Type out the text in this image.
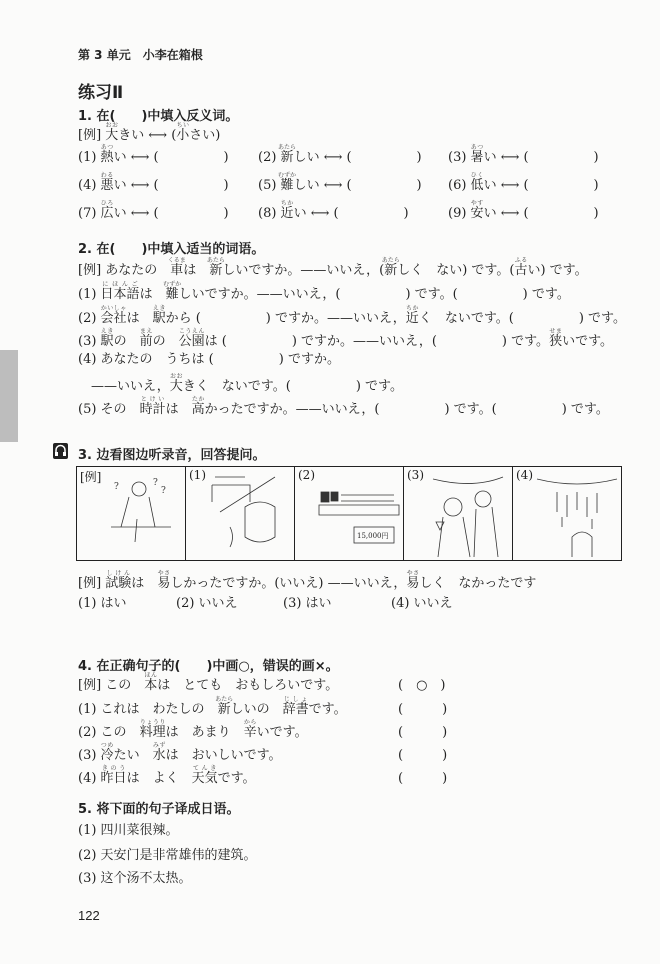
第 3 单元　小李在箱根
练习Ⅱ
1. 在(　　)中填入反义词。
[例] 大おおきい ⟷ (小ちいさい)
(1) 熱あつい ⟷ (　　　　　)	(2) 新あたらしい ⟷ (　　　　　)	(3) 暑あつい ⟷ (　　　　　)
(4) 悪わるい ⟷ (　　　　　)	(5) 難むずかしい ⟷ (　　　　　)	(6) 低ひくい ⟷ (　　　　　)
(7) 広ひろい ⟷ (　　　　　)	(8) 近ちかい ⟷ (　　　　　)	(9) 安やすい ⟷ (　　　　　)
2. 在(　　)中填入适当的词语。
[例] あなたの　車くるまは　新あたらしいですか。——いいえ，(新あたらしく　ない) です。(古ふるい) です。
(1) 日本語にほんごは　難むずかしいですか。——いいえ，(　　　　　) です。(　　　　　) です。
(2) 会社かいしゃは　駅えきから (　　　　　) ですか。——いいえ，近ちかく　ないです。(　　　　　) です。
(3) 駅えきの　前まえの　公園こうえんは (　　　　　) ですか。——いいえ，(　　　　　) です。狭せまいです。
(4) あなたの　うちは (　　　　　) ですか。
　——いいえ，大おおきく　ないです。(　　　　　) です。
(5) その　時計とけいは　高たかかったですか。——いいえ，(　　　　　) です。(　　　　　) です。
3. 边看图边听录音，回答提问。
[例]
?	?
?
(1)	(2)
15,000円
(3)	(4)
[例] 試験しけんは　易やさしかったですか。(いいえ) ——いいえ，易やさしく　なかったです
(1) はい	(2) いいえ	(3) はい	(4) いいえ
4. 在正确句子的(　　)中画○，错误的画×。
[例] この　本ほんは　とても　おもしろいです。	(　○　)
(1) これは　わたしの　新あたらしいの　辞書じしょです。	(　　　)
(2) この　料理りょうりは　あまり　辛からいです。	(　　　)
(3) 冷つめたい　水みずは　おいしいです。	(　　　)
(4) 昨日きのうは　よく　天気てんきです。	(　　　)
5. 将下面的句子译成日语。
(1) 四川菜很辣。
(2) 天安门是非常雄伟的建筑。
(3) 这个汤不太热。
122
